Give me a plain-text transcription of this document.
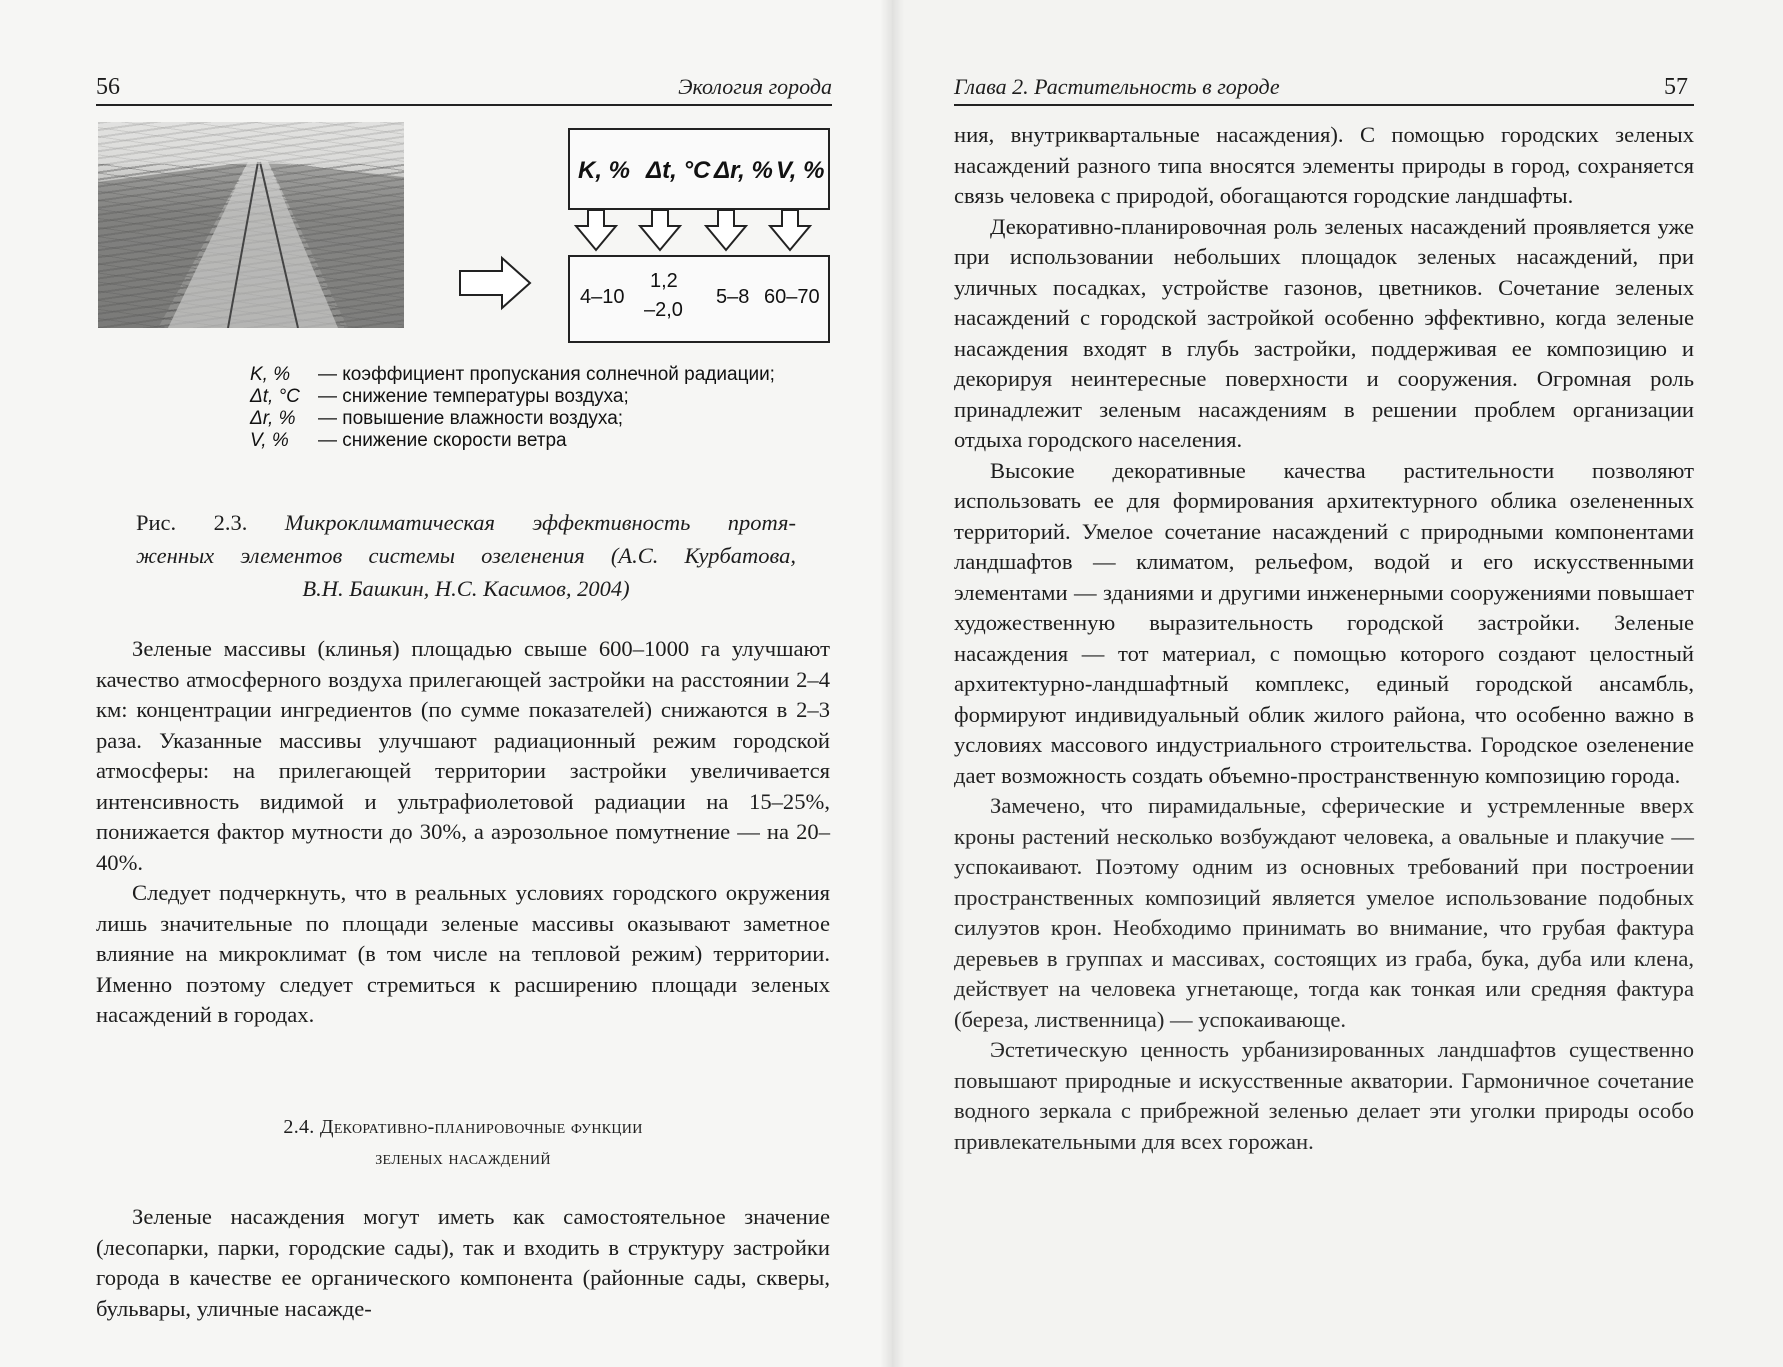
56	Экология города
K, % Δt, °C Δr, % V, %
4–10
1,2
–2,0
5–8 60–70
K, % — коэффициент пропускания солнечной радиации;
Δt, °C — снижение температуры воздуха;
Δr, % — повышение влажности воздуха;
V, % — снижение скорости ветра
Рис. 2.3. Микроклиматическая эффективность протя-
женных элементов системы озеленения (А.С. Курбатова,
В.Н. Башкин, Н.С. Касимов, 2004)

Зеленые массивы (клинья) площадью свыше 600–1000 га улучшают качество атмосферного воздуха прилегающей застройки на расстоянии 2–4 км: концентрации ингредиентов (по сумме показателей) снижаются в 2–3 раза. Указанные массивы улучшают радиационный режим городской атмосферы: на прилегающей территории застройки увеличивается интенсивность видимой и ультрафиолетовой радиации на 15–25%, понижается фактор мутности до 30%, а аэрозольное помутнение — на 20–40%.

Следует подчеркнуть, что в реальных условиях городского окружения лишь значительные по площади зеленые массивы оказывают заметное влияние на микроклимат (в том числе на тепловой режим) территории. Именно поэтому следует стремиться к расширению площади зеленых насаждений в городах.

2.4. Декоративно-планировочные функции
зеленых насаждений

Зеленые насаждения могут иметь как самостоятельное значение (лесопарки, парки, городские сады), так и входить в структуру застройки города в качестве ее органического компонента (районные сады, скверы, бульвары, уличные насажде-

Глава 2. Растительность в городе	57

ния, внутриквартальные насаждения). С помощью городских зеленых насаждений разного типа вносятся элементы природы в город, сохраняется связь человека с природой, обогащаются городские ландшафты.

Декоративно-планировочная роль зеленых насаждений проявляется уже при использовании небольших площадок зеленых насаждений, при уличных посадках, устройстве газонов, цветников. Сочетание зеленых насаждений с городской застройкой особенно эффективно, когда зеленые насаждения входят в глубь застройки, поддерживая ее композицию и декорируя неинтересные поверхности и сооружения. Огромная роль принадлежит зеленым насаждениям в решении проблем организации отдыха городского населения.

Высокие декоративные качества растительности позволяют использовать ее для формирования архитектурного облика озелененных территорий. Умелое сочетание насаждений с природными компонентами ландшафтов — климатом, рельефом, водой и его искусственными элементами — зданиями и другими инженерными сооружениями повышает художественную выразительность городской застройки. Зеленые насаждения — тот материал, с помощью которого создают целостный архитектурно-ландшафтный комплекс, единый городской ансамбль, формируют индивидуальный облик жилого района, что особенно важно в условиях массового индустриального строительства. Городское озеленение дает возможность создать объемно-пространственную композицию города.

Замечено, что пирамидальные, сферические и устремленные вверх кроны растений несколько возбуждают человека, а овальные и плакучие — успокаивают. Поэтому одним из основных требований при построении пространственных композиций является умелое использование подобных силуэтов крон. Необходимо принимать во внимание, что грубая фактура деревьев в группах и массивах, состоящих из граба, бука, дуба или клена, действует на человека угнетающе, тогда как тонкая или средняя фактура (береза, лиственница) — успокаивающе.

Эстетическую ценность урбанизированных ландшафтов существенно повышают природные и искусственные акватории. Гармоничное сочетание водного зеркала с прибрежной зеленью делает эти уголки природы особо привлекательными для всех горожан.
